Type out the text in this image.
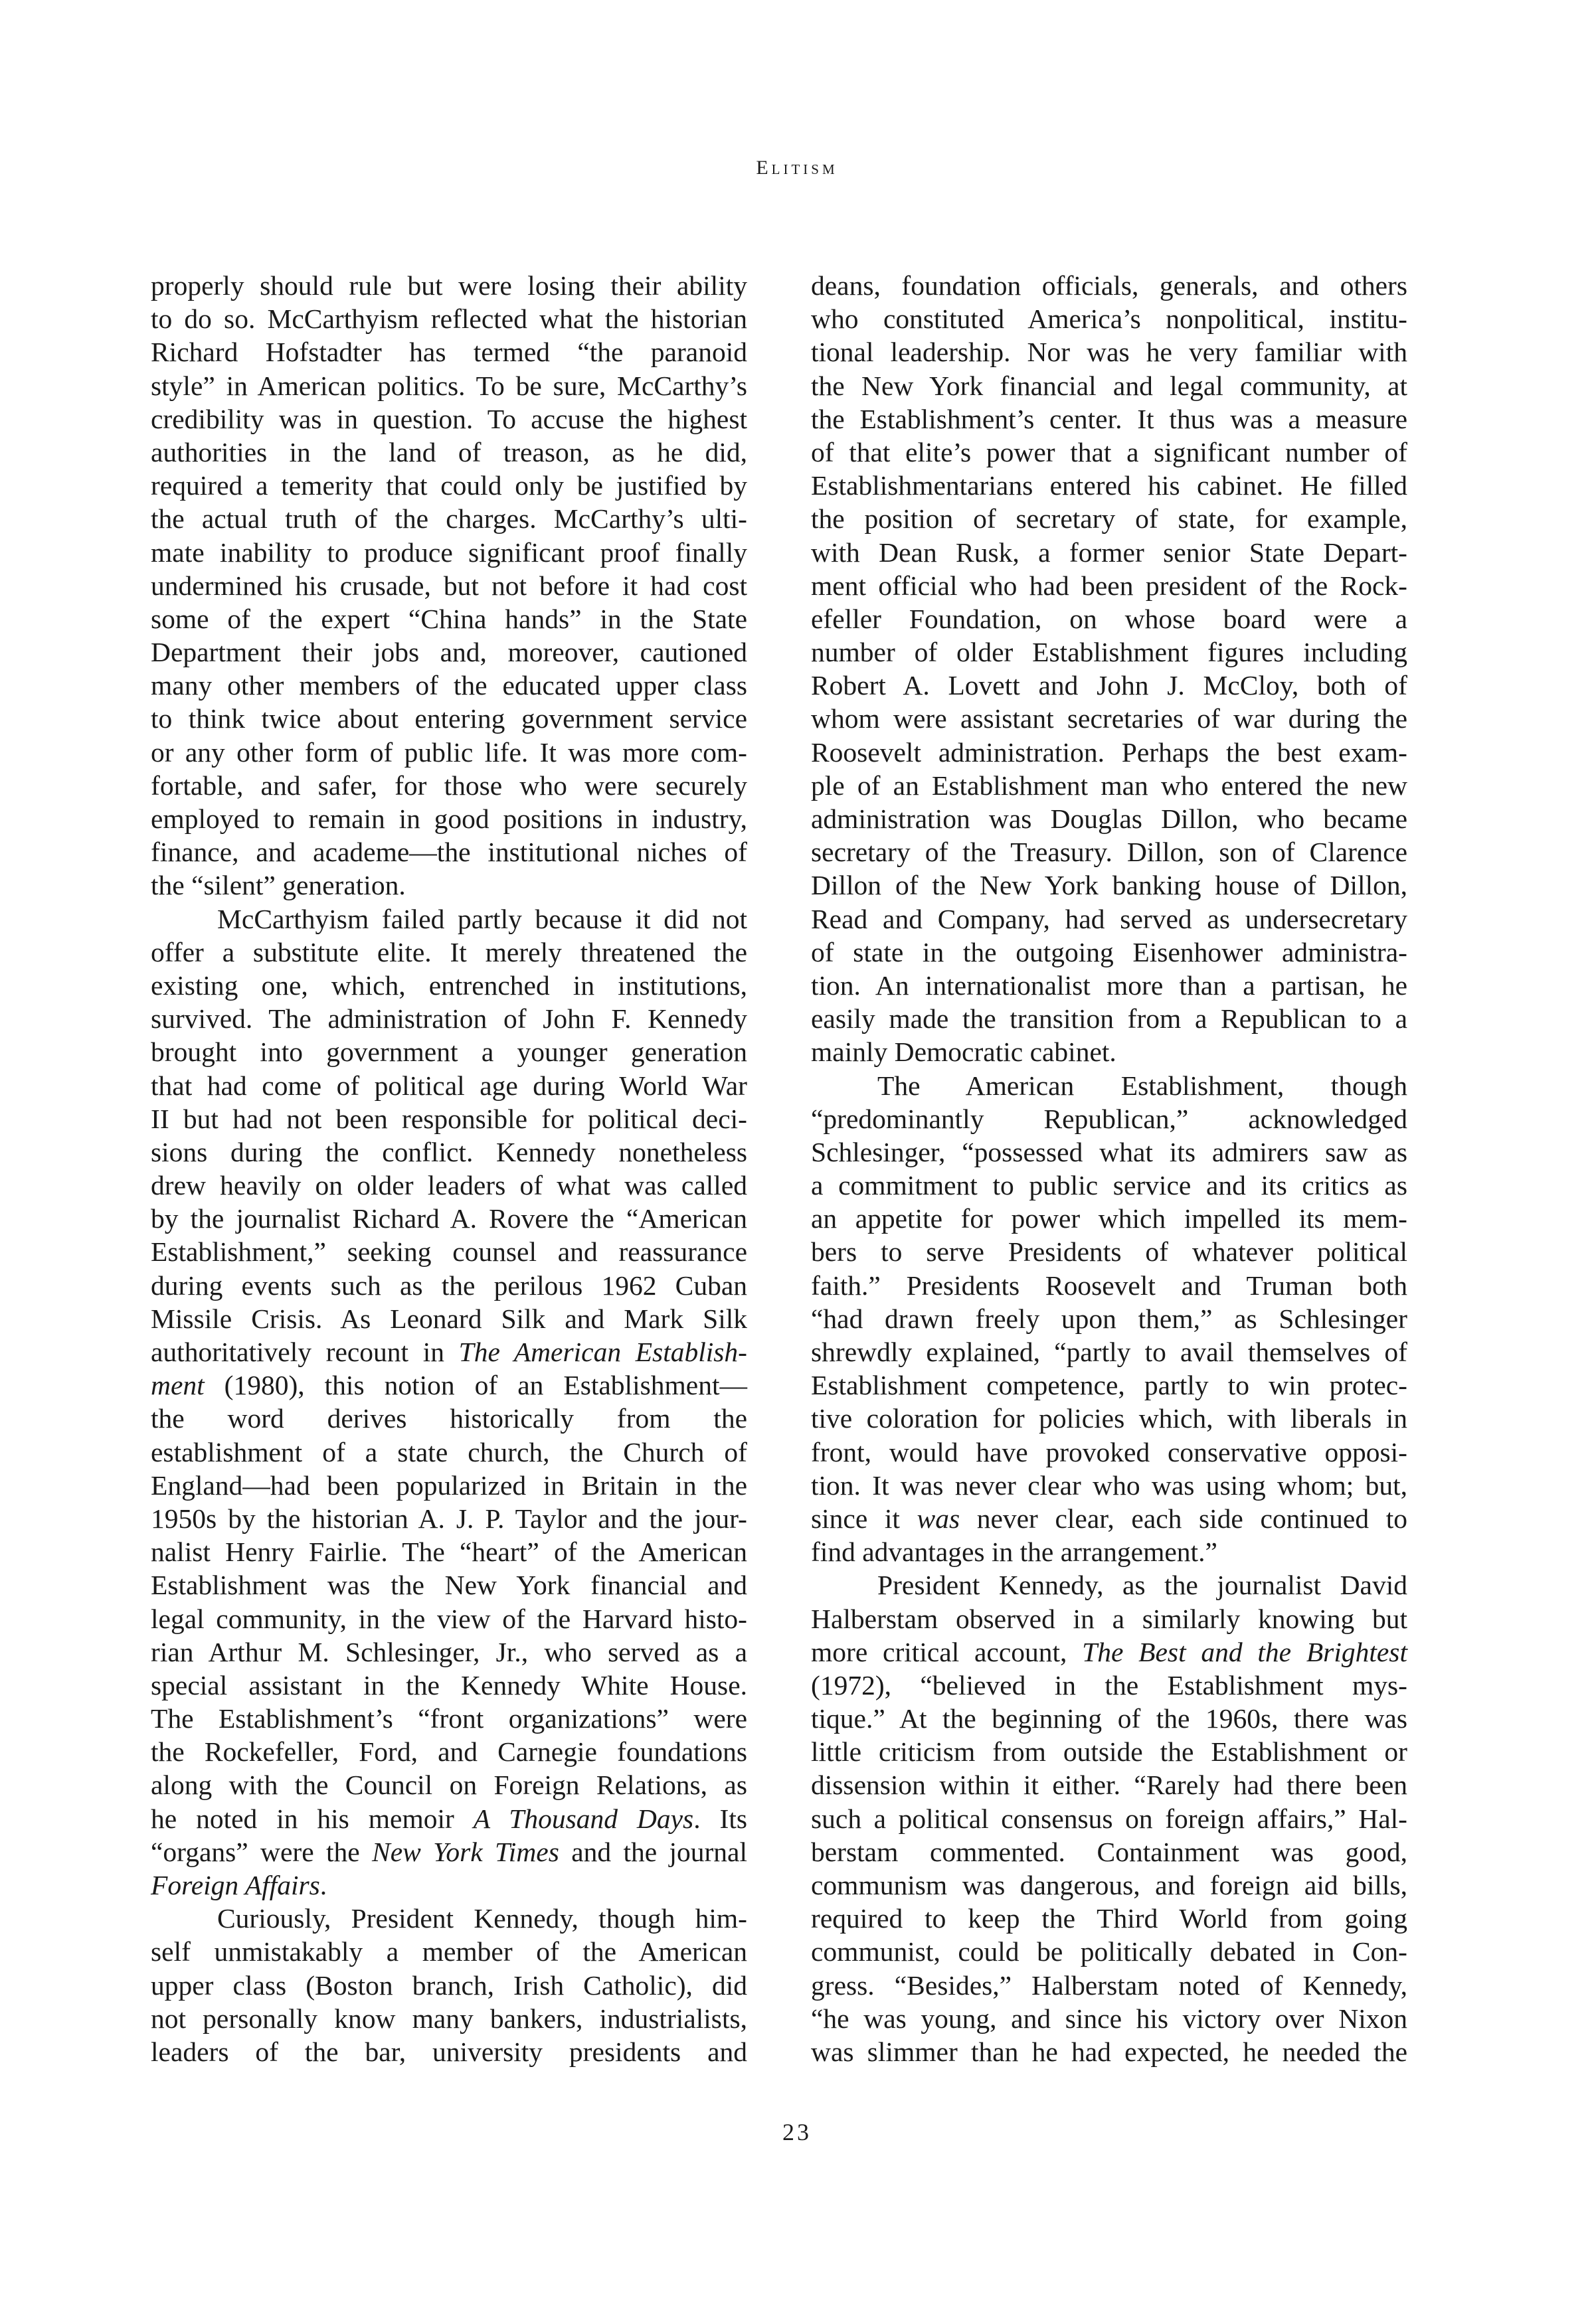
Elitism
properly should rule but were losing their ability
to do so. McCarthyism reflected what the historian
Richard Hofstadter has termed “the paranoid
style” in American politics. To be sure, McCarthy’s
credibility was in question. To accuse the highest
authorities in the land of treason, as he did,
required a temerity that could only be justified by
the actual truth of the charges. McCarthy’s ulti-
mate inability to produce significant proof finally
undermined his crusade, but not before it had cost
some of the expert “China hands” in the State
Department their jobs and, moreover, cautioned
many other members of the educated upper class
to think twice about entering government service
or any other form of public life. It was more com-
fortable, and safer, for those who were securely
employed to remain in good positions in industry,
finance, and academe—the institutional niches of
the “silent” generation.
McCarthyism failed partly because it did not
offer a substitute elite. It merely threatened the
existing one, which, entrenched in institutions,
survived. The administration of John F. Kennedy
brought into government a younger generation
that had come of political age during World War
II but had not been responsible for political deci-
sions during the conflict. Kennedy nonetheless
drew heavily on older leaders of what was called
by the journalist Richard A. Rovere the “American
Establishment,” seeking counsel and reassurance
during events such as the perilous 1962 Cuban
Missile Crisis. As Leonard Silk and Mark Silk
authoritatively recount in The American Establish-
ment (1980), this notion of an Establishment—
the word derives historically from the
establishment of a state church, the Church of
England—had been popularized in Britain in the
1950s by the historian A. J. P. Taylor and the jour-
nalist Henry Fairlie. The “heart” of the American
Establishment was the New York financial and
legal community, in the view of the Harvard histo-
rian Arthur M. Schlesinger, Jr., who served as a
special assistant in the Kennedy White House.
The Establishment’s “front organizations” were
the Rockefeller, Ford, and Carnegie foundations
along with the Council on Foreign Relations, as
he noted in his memoir A Thousand Days. Its
“organs” were the New York Times and the journal
Foreign Affairs.
Curiously, President Kennedy, though him-
self unmistakably a member of the American
upper class (Boston branch, Irish Catholic), did
not personally know many bankers, industrialists,
leaders of the bar, university presidents and
deans, foundation officials, generals, and others
who constituted America’s nonpolitical, institu-
tional leadership. Nor was he very familiar with
the New York financial and legal community, at
the Establishment’s center. It thus was a measure
of that elite’s power that a significant number of
Establishmentarians entered his cabinet. He filled
the position of secretary of state, for example,
with Dean Rusk, a former senior State Depart-
ment official who had been president of the Rock-
efeller Foundation, on whose board were a
number of older Establishment figures including
Robert A. Lovett and John J. McCloy, both of
whom were assistant secretaries of war during the
Roosevelt administration. Perhaps the best exam-
ple of an Establishment man who entered the new
administration was Douglas Dillon, who became
secretary of the Treasury. Dillon, son of Clarence
Dillon of the New York banking house of Dillon,
Read and Company, had served as undersecretary
of state in the outgoing Eisenhower administra-
tion. An internationalist more than a partisan, he
easily made the transition from a Republican to a
mainly Democratic cabinet.
The American Establishment, though
“predominantly Republican,” acknowledged
Schlesinger, “possessed what its admirers saw as
a commitment to public service and its critics as
an appetite for power which impelled its mem-
bers to serve Presidents of whatever political
faith.” Presidents Roosevelt and Truman both
“had drawn freely upon them,” as Schlesinger
shrewdly explained, “partly to avail themselves of
Establishment competence, partly to win protec-
tive coloration for policies which, with liberals in
front, would have provoked conservative opposi-
tion. It was never clear who was using whom; but,
since it was never clear, each side continued to
find advantages in the arrangement.”
President Kennedy, as the journalist David
Halberstam observed in a similarly knowing but
more critical account, The Best and the Brightest
(1972), “believed in the Establishment mys-
tique.” At the beginning of the 1960s, there was
little criticism from outside the Establishment or
dissension within it either. “Rarely had there been
such a political consensus on foreign affairs,” Hal-
berstam commented. Containment was good,
communism was dangerous, and foreign aid bills,
required to keep the Third World from going
communist, could be politically debated in Con-
gress. “Besides,” Halberstam noted of Kennedy,
“he was young, and since his victory over Nixon
was slimmer than he had expected, he needed the
23
